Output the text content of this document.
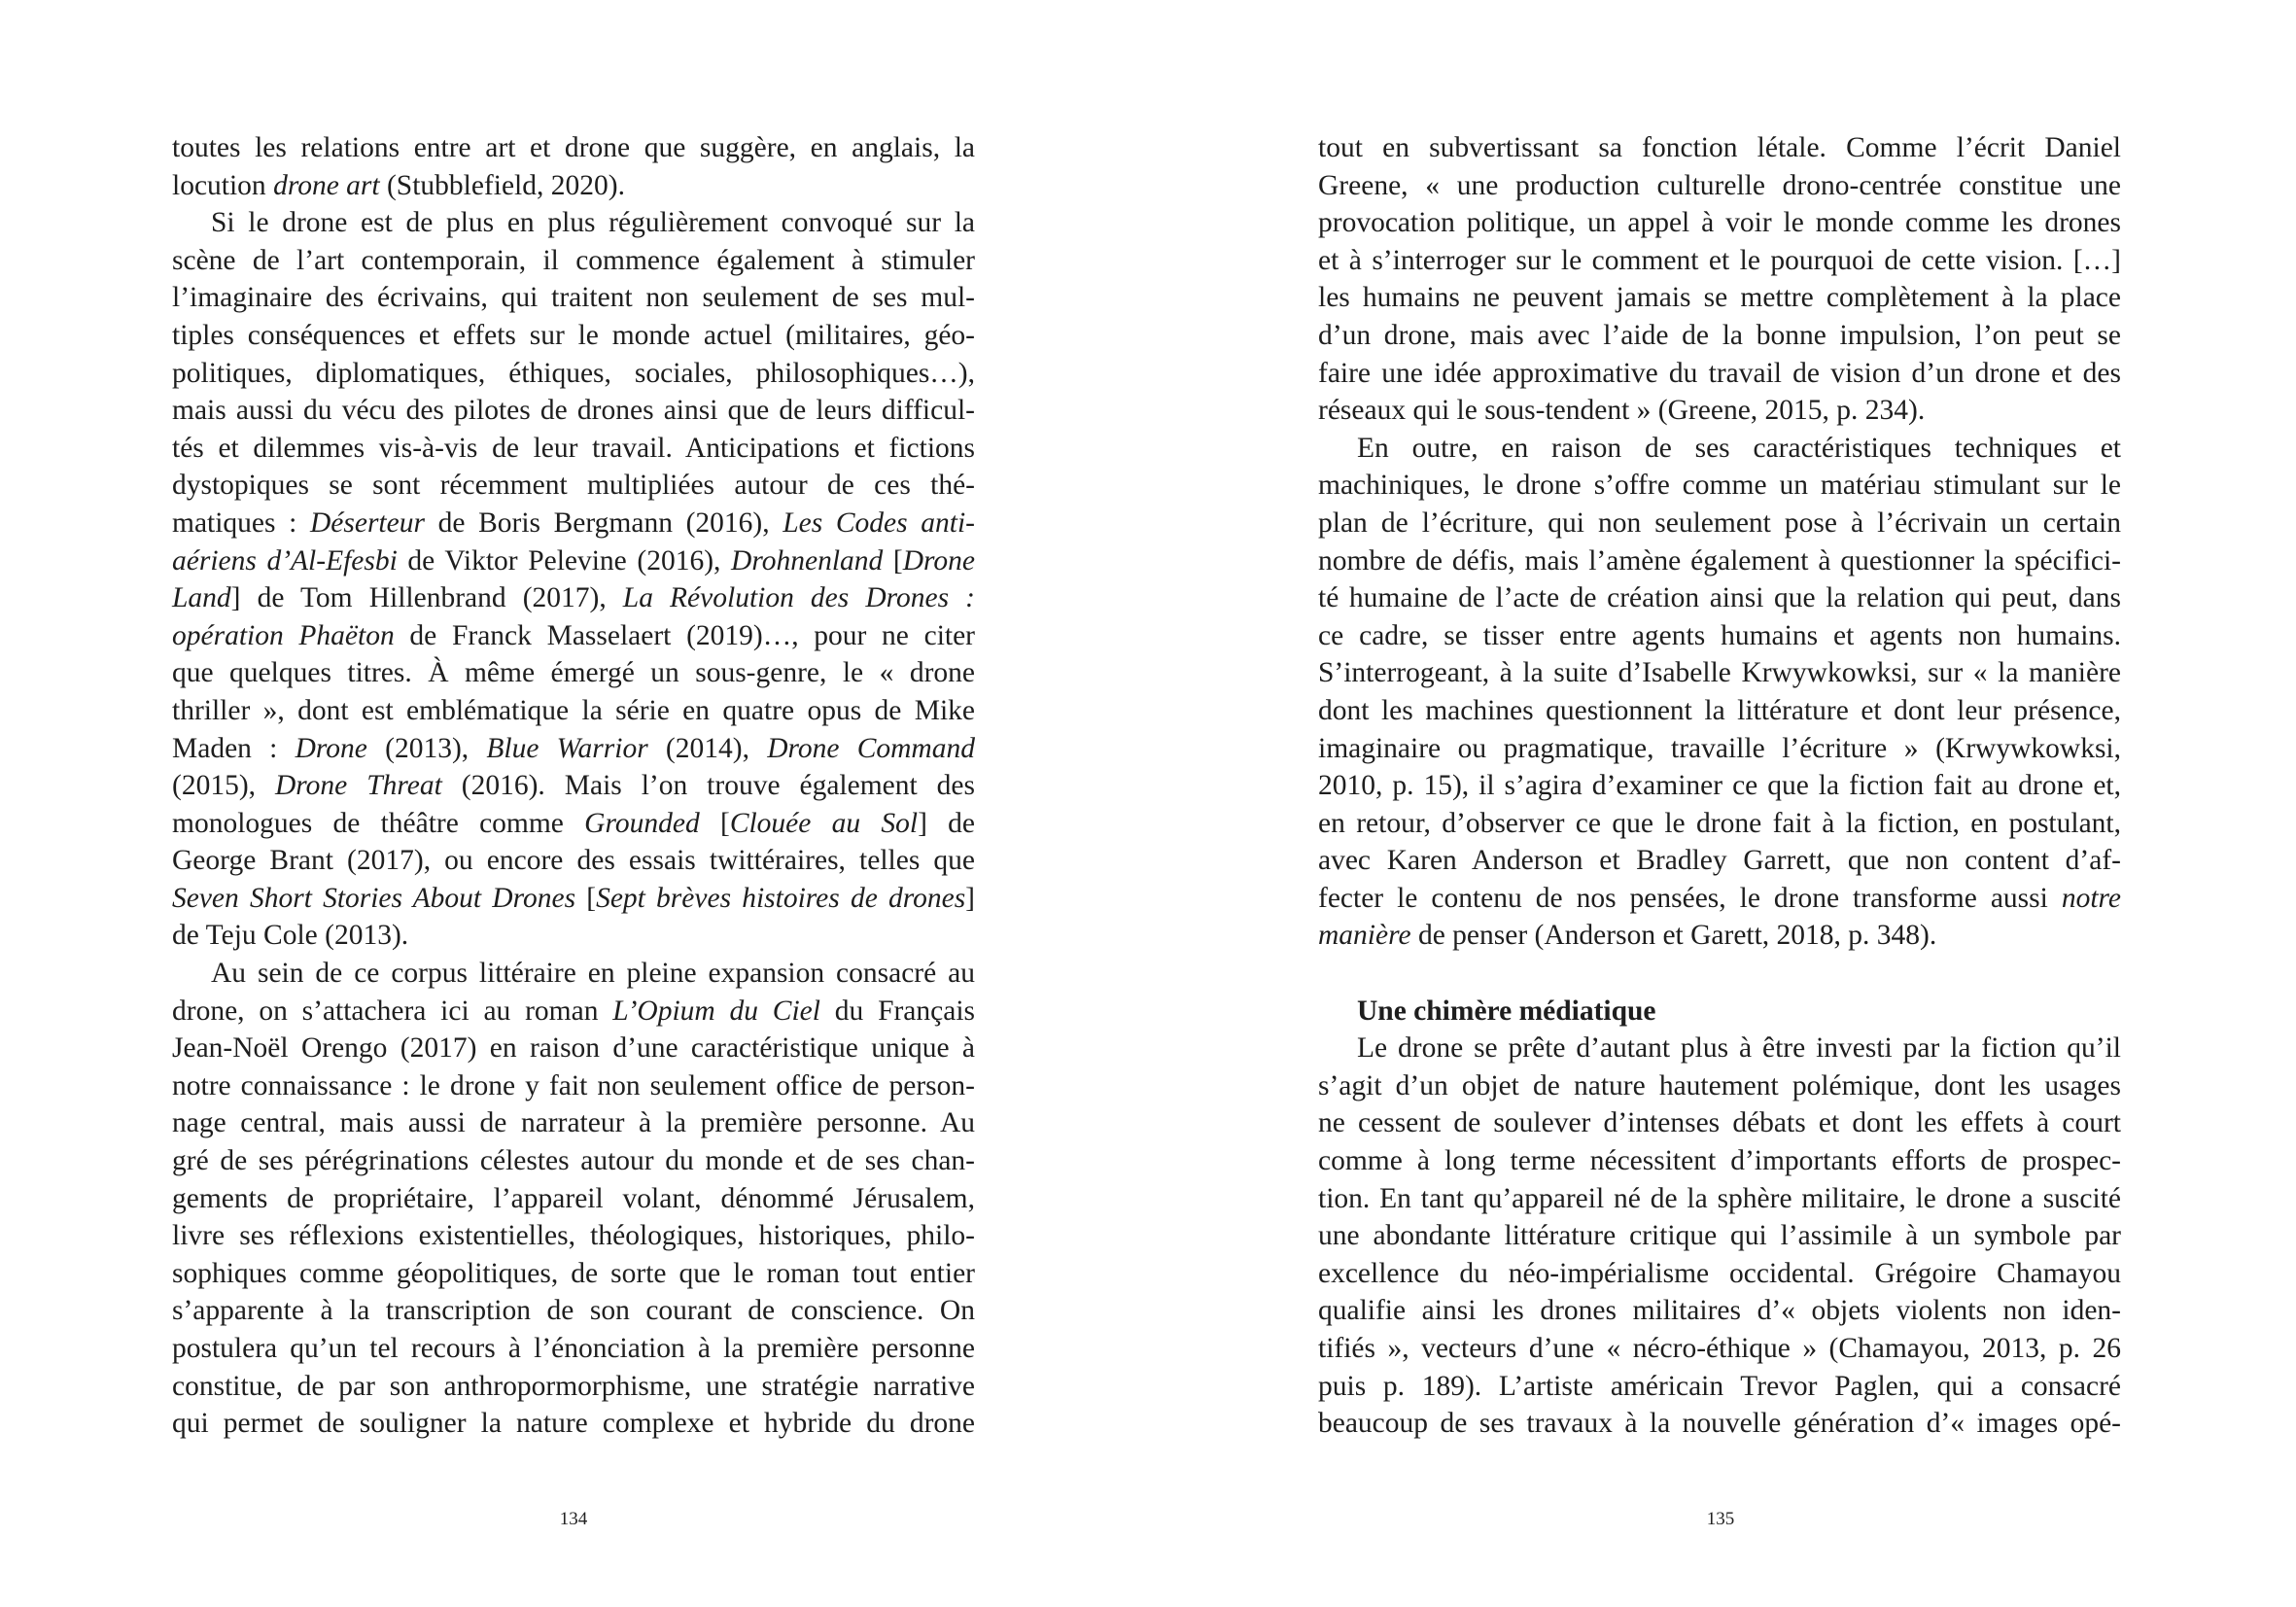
toutes les relations entre art et drone que suggère, en anglais, la
locution drone art (Stubblefield, 2020).
Si le drone est de plus en plus régulièrement convoqué sur la
scène de l’art contemporain, il commence également à stimuler
l’imaginaire des écrivains, qui traitent non seulement de ses mul-
tiples conséquences et effets sur le monde actuel (militaires, géo-
politiques, diplomatiques, éthiques, sociales, philosophiques…),
mais aussi du vécu des pilotes de drones ainsi que de leurs difficul-
tés et dilemmes vis-à-vis de leur travail. Anticipations et fictions
dystopiques se sont récemment multipliées autour de ces thé-
matiques : Déserteur de Boris Bergmann (2016), Les Codes anti-
aériens d’Al-Efesbi de Viktor Pelevine (2016), Drohnenland [Drone
Land] de Tom Hillenbrand (2017), La Révolution des Drones :
opération Phaëton de Franck Masselaert (2019)…, pour ne citer
que quelques titres. À même émergé un sous-genre, le « drone
thriller », dont est emblématique la série en quatre opus de Mike
Maden : Drone (2013), Blue Warrior (2014), Drone Command
(2015), Drone Threat (2016). Mais l’on trouve également des
monologues de théâtre comme Grounded [Clouée au Sol] de
George Brant (2017), ou encore des essais twittéraires, telles que
Seven Short Stories About Drones [Sept brèves histoires de drones]
de Teju Cole (2013).
Au sein de ce corpus littéraire en pleine expansion consacré au
drone, on s’attachera ici au roman L’Opium du Ciel du Français
Jean-Noël Orengo (2017) en raison d’une caractéristique unique à
notre connaissance : le drone y fait non seulement office de person-
nage central, mais aussi de narrateur à la première personne. Au
gré de ses pérégrinations célestes autour du monde et de ses chan-
gements de propriétaire, l’appareil volant, dénommé Jérusalem,
livre ses réflexions existentielles, théologiques, historiques, philo-
sophiques comme géopolitiques, de sorte que le roman tout entier
s’apparente à la transcription de son courant de conscience. On
postulera qu’un tel recours à l’énonciation à la première personne
constitue, de par son anthropormorphisme, une stratégie narrative
qui permet de souligner la nature complexe et hybride du drone
134
tout en subvertissant sa fonction létale. Comme l’écrit Daniel
Greene, « une production culturelle drono-centrée constitue une
provocation politique, un appel à voir le monde comme les drones
et à s’interroger sur le comment et le pourquoi de cette vision. […]
les humains ne peuvent jamais se mettre complètement à la place
d’un drone, mais avec l’aide de la bonne impulsion, l’on peut se
faire une idée approximative du travail de vision d’un drone et des
réseaux qui le sous-tendent » (Greene, 2015, p. 234).
En outre, en raison de ses caractéristiques techniques et
machiniques, le drone s’offre comme un matériau stimulant sur le
plan de l’écriture, qui non seulement pose à l’écrivain un certain
nombre de défis, mais l’amène également à questionner la spécifici-
té humaine de l’acte de création ainsi que la relation qui peut, dans
ce cadre, se tisser entre agents humains et agents non humains.
S’interrogeant, à la suite d’Isabelle Krwywkowksi, sur « la manière
dont les machines questionnent la littérature et dont leur présence,
imaginaire ou pragmatique, travaille l’écriture » (Krwywkowksi,
2010, p. 15), il s’agira d’examiner ce que la fiction fait au drone et,
en retour, d’observer ce que le drone fait à la fiction, en postulant,
avec Karen Anderson et Bradley Garrett, que non content d’af-
fecter le contenu de nos pensées, le drone transforme aussi notre
manière de penser (Anderson et Garett, 2018, p. 348).
Une chimère médiatique
Le drone se prête d’autant plus à être investi par la fiction qu’il
s’agit d’un objet de nature hautement polémique, dont les usages
ne cessent de soulever d’intenses débats et dont les effets à court
comme à long terme nécessitent d’importants efforts de prospec-
tion. En tant qu’appareil né de la sphère militaire, le drone a suscité
une abondante littérature critique qui l’assimile à un symbole par
excellence du néo-impérialisme occidental. Grégoire Chamayou
qualifie ainsi les drones militaires d’« objets violents non iden-
tifiés », vecteurs d’une « nécro-éthique » (Chamayou, 2013, p. 26
puis p. 189). L’artiste américain Trevor Paglen, qui a consacré
beaucoup de ses travaux à la nouvelle génération d’« images opé-
135
